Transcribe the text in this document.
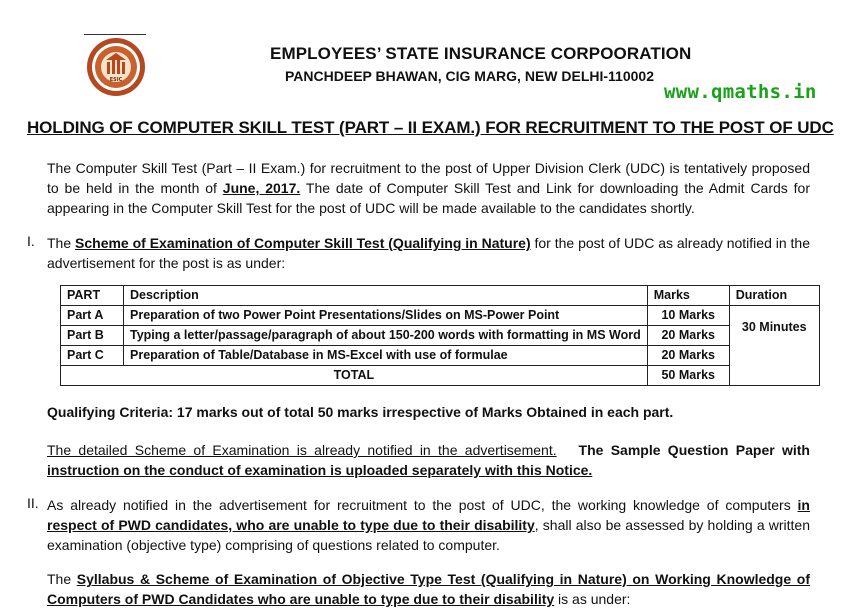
ESIC
EMPLOYEES’ STATE INSURANCE CORPOORATION
PANCHDEEP BHAWAN, CIG MARG, NEW DELHI-110002
www.qmaths.in
HOLDING OF COMPUTER SKILL TEST (PART – II EXAM.) FOR RECRUITMENT TO THE POST OF UDC
The Computer Skill Test (Part – II Exam.) for recruitment to the post of Upper Division Clerk (UDC) is tentatively proposed to be held in the month of June, 2017. The date of Computer Skill Test and Link for downloading the Admit Cards for appearing in the Computer Skill Test for the post of UDC will be made available to the candidates shortly.
I. The Scheme of Examination of Computer Skill Test (Qualifying in Nature) for the post of UDC as already notified in the advertisement for the post is as under:
PART	Description	Marks	Duration
Part A	Preparation of two Power Point Presentations/Slides on MS-Power Point	10 Marks	30 Minutes
Part B	Typing a letter/passage/paragraph of about 150-200 words with formatting in MS Word	20 Marks	
Part C	Preparation of Table/Database in MS-Excel with use of formulae	20 Marks	
TOTAL		50 Marks	
Qualifying Criteria: 17 marks out of total 50 marks irrespective of Marks Obtained in each part.
The detailed Scheme of Examination is already notified in the advertisement. The Sample Question Paper with instruction on the conduct of examination is uploaded separately with this Notice.
II. As already notified in the advertisement for recruitment to the post of UDC, the working knowledge of computers in respect of PWD candidates, who are unable to type due to their disability, shall also be assessed by holding a written examination (objective type) comprising of questions related to computer.
The Syllabus & Scheme of Examination of Objective Type Test (Qualifying in Nature) on Working Knowledge of Computers of PWD Candidates who are unable to type due to their disability is as under:
